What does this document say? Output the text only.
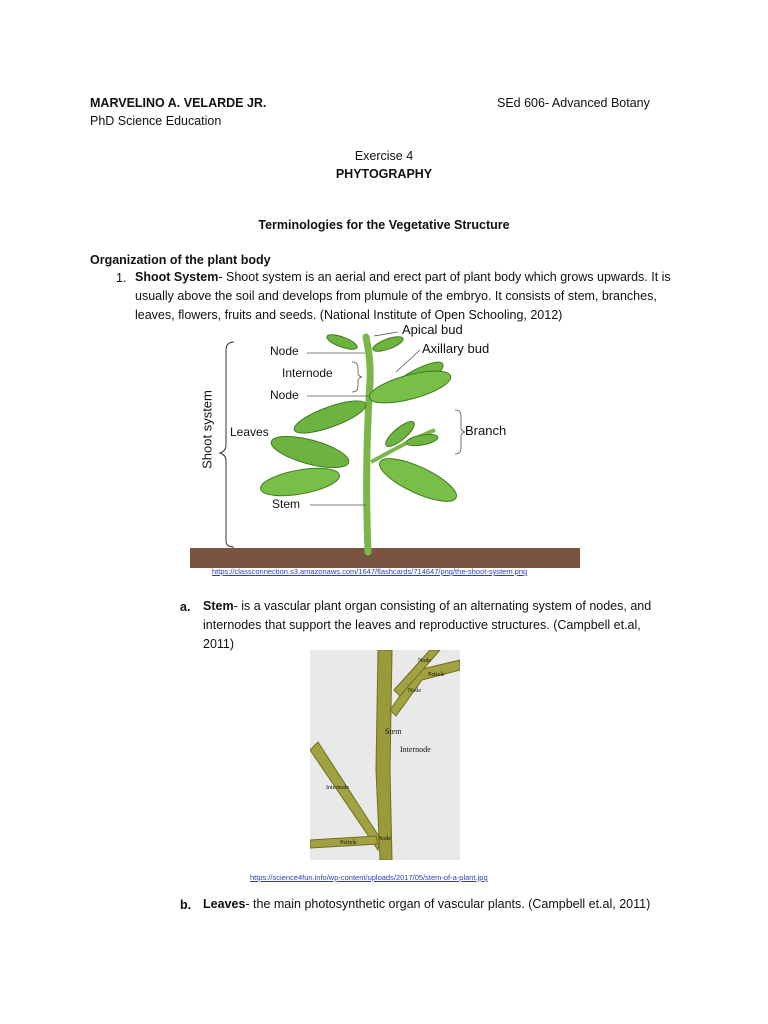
MARVELINO A. VELARDE JR.
PhD Science Education
SEd 606- Advanced Botany
Exercise 4
PHYTOGRAPHY
Terminologies for the Vegetative Structure
Organization of the plant body
1. Shoot System- Shoot system is an aerial and erect part of plant body which grows upwards. It is usually above the soil and develops from plumule of the embryo. It consists of stem, branches, leaves, flowers, fruits and seeds. (National Institute of Open Schooling, 2012)
Apical bud
Axillary bud
Node
Internode
Node
Leaves	Branch
Stem
Shoot system
https://classconnection.s3.amazonaws.com/1647/flashcards/714647/png/the-shoot-system.png
a. Stem- is a vascular plant organ consisting of an alternating system of nodes, and internodes that support the leaves and reproductive structures. (Campbell et.al, 2011)
Node
Petiole
Node
Stem
Internode
Internode
Petiole
Node
https://science4fun.info/wp-content/uploads/2017/05/stem-of-a-plant.jpg
b. Leaves- the main photosynthetic organ of vascular plants. (Campbell et.al, 2011)
